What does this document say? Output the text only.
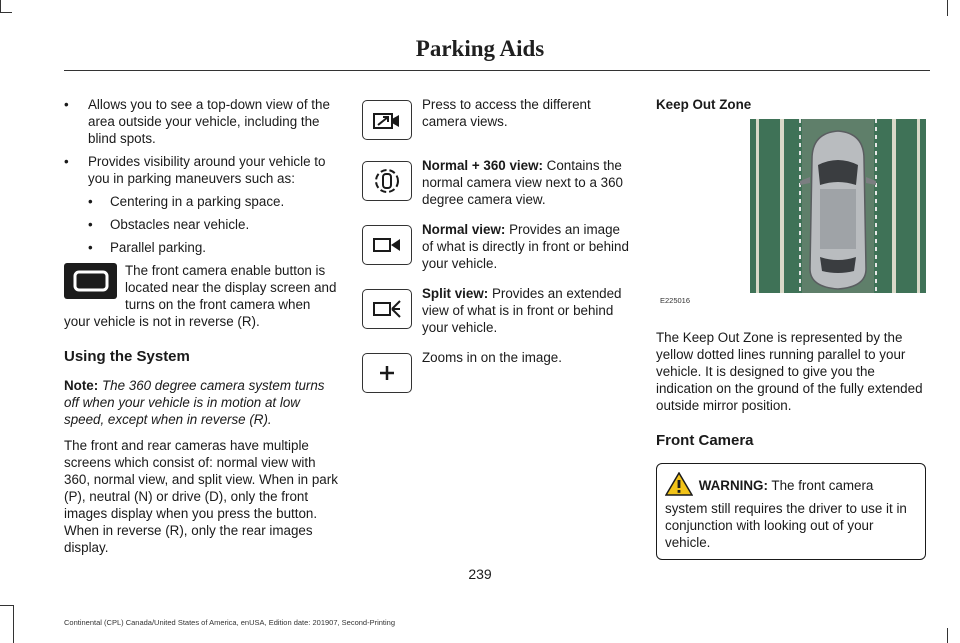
Parking Aids
• Allows you to see a top-down view of the area outside your vehicle, including the blind spots.
• Provides visibility around your vehicle to you in parking maneuvers such as:
• Centering in a parking space.
• Obstacles near vehicle.
• Parallel parking.

The front camera enable button is located near the display screen and turns on the front camera when your vehicle is not in reverse (R).

Using the System

Note: The 360 degree camera system turns off when your vehicle is in motion at low speed, except when in reverse (R).

The front and rear cameras have multiple screens which consist of: normal view with 360, normal view, and split view. When in park (P), neutral (N) or drive (D), only the front images display when you press the button. When in reverse (R), only the rear images display.

Press to access the different camera views.
Normal + 360 view: Contains the normal camera view next to a 360 degree camera view.
Normal view: Provides an image of what is directly in front or behind your vehicle.
Split view: Provides an extended view of what is in front or behind your vehicle.
Zooms in on the image.
Keep Out Zone
E225016

The Keep Out Zone is represented by the yellow dotted lines running parallel to your vehicle. It is designed to give you the indication on the ground of the fully extended outside mirror position.

Front Camera
WARNING: The front camera system still requires the driver to use it in conjunction with looking out of your vehicle.
239
Continental (CPL) Canada/United States of America, enUSA, Edition date: 201907, Second-Printing
